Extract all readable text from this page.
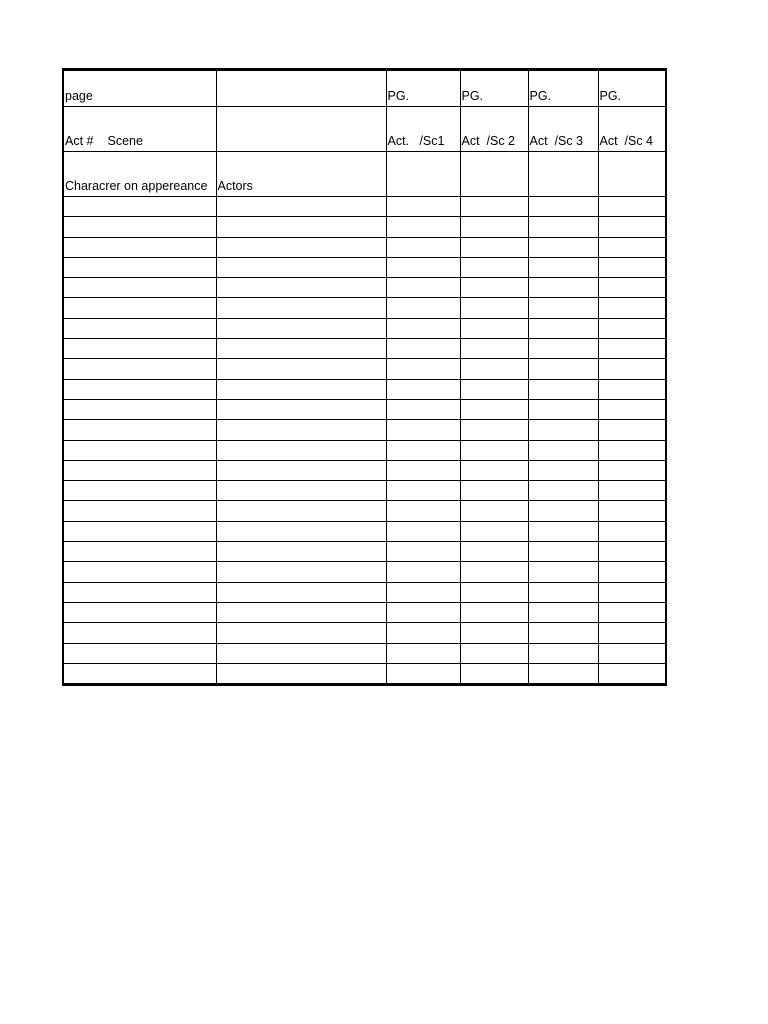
page		PG.	PG.	PG.	PG.
Act # Scene		Act.   /Sc1	Act  /Sc 2	Act  /Sc 3	Act  /Sc 4
Characrer on appereance	Actors				
